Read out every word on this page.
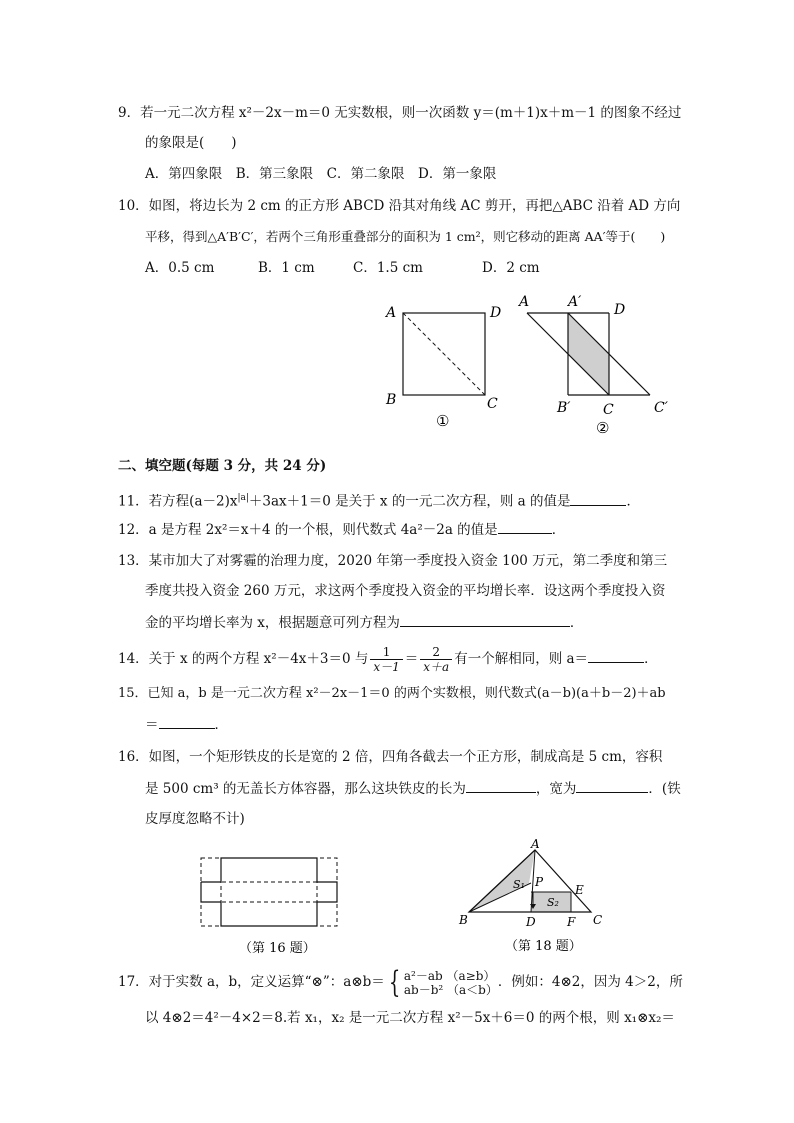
9．若一元二次方程 x²－2x－m＝0 无实数根，则一次函数 y＝(m＋1)x＋m－1 的图象不经过
的象限是(　　)
A．第四象限　B．第三象限　C．第二象限　D．第一象限
10．如图，将边长为 2 cm 的正方形 ABCD 沿其对角线 AC 剪开，再把△ABC 沿着 AD 方向
平移，得到△A′B′C′，若两个三角形重叠部分的面积为 1 cm²，则它移动的距离 AA′等于(　　)
A．0.5 cm	B．1 cm	C．1.5 cm	D．2 cm
A	D
B	C
①
A	A′ D
B′ C	C′
②
二、填空题(每题 3 分，共 24 分)
11．若方程$(a-2)x^{|a|}+3ax+1=0$ 是关于 x 的一元二次方程，则 a 的值是	．
12．a 是方程 2x²＝x＋4 的一个根，则代数式 4a²－2a 的值是	．
13．某市加大了对雾霾的治理力度，2020 年第一季度投入资金 100 万元，第二季度和第三
季度共投入资金 260 万元，求这两个季度投入资金的平均增长率．设这两个季度投入资
金的平均增长率为 x，根据题意可列方程为	．
14．关于 x 的两个方程 x²－4x＋3＝0 与 $\frac{1}{x-1} = \frac{2}{x+a}$ 有一个解相同，则 a＝	．
15．已知 a，b 是一元二次方程 x²－2x－1＝0 的两个实数根，则代数式(a－b)(a＋b－2)＋ab
＝	．
16．如图，一个矩形铁皮的长是宽的 2 倍，四角各截去一个正方形，制成高是 5 cm，容积
是 500 cm³ 的无盖长方体容器，那么这块铁皮的长为	，宽为	．(铁
皮厚度忽略不计)
（第 16 题）
A
B	C
D
E
F
P
S₁
S₂
（第 18 题）
17．对于实数 a，b，定义运算“⊗”：a⊗b＝ { a²－ab （a≥b）
ab－b² （a＜b） ．例如：4⊗2，因为 4＞2，所
以 4⊗2＝4²－4×2＝8.若 x₁，x₂ 是一元二次方程 x²－5x＋6＝0 的两个根，则 x₁⊗x₂＝
